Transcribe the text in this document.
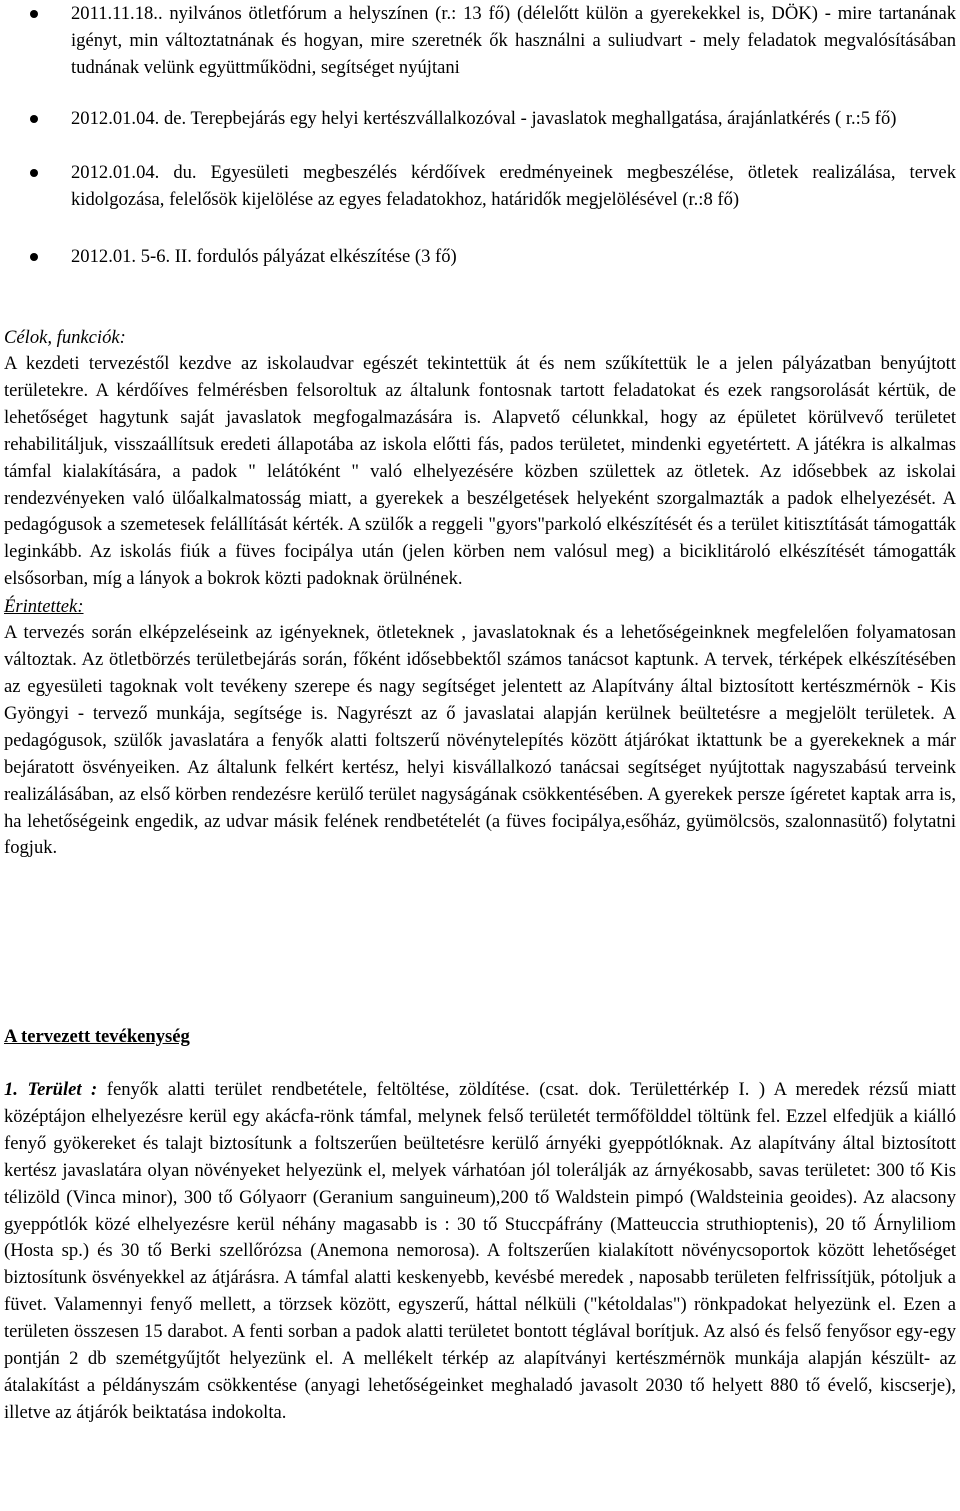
2011.11.18.. nyilvános ötletfórum a helyszínen (r.: 13 fő) (délelőtt külön a gyerekekkel is, DÖK) - mire tartanának igényt, min változtatnának és hogyan, mire szeretnék ők használni a suliudvart - mely feladatok megvalósításában tudnának velünk együttműködni, segítséget nyújtani
2012.01.04. de. Terepbejárás egy helyi kertészvállalkozóval - javaslatok meghallgatása, árajánlatkérés ( r.:5 fő)
2012.01.04. du. Egyesületi megbeszélés kérdőívek eredményeinek megbeszélése, ötletek realizálása, tervek kidolgozása, felelősök kijelölése az egyes feladatokhoz, határidők megjelölésével (r.:8 fő)
2012.01. 5-6. II. fordulós pályázat elkészítése (3 fő)
Célok, funkciók:
A kezdeti tervezéstől kezdve az iskolaudvar egészét tekintettük át és nem szűkítettük le a jelen pályázatban benyújtott területekre. A kérdőíves felmérésben felsoroltuk az általunk fontosnak tartott feladatokat és ezek rangsorolását kértük, de lehetőséget hagytunk saját javaslatok megfogalmazására is. Alapvető célunkkal, hogy az épületet körülvevő területet rehabilitáljuk, visszaállítsuk eredeti állapotába az iskola előtti fás, pados területet, mindenki egyetértett. A játékra is alkalmas támfal kialakítására, a padok " lelátóként " való elhelyezésére közben születtek az ötletek. Az idősebbek az iskolai rendezvényeken való ülőalkalmatosság miatt, a gyerekek a beszélgetések helyeként szorgalmazták a padok elhelyezését. A pedagógusok a szemetesek felállítását kérték. A szülők a reggeli "gyors"parkoló elkészítését és a terület kitisztítását támogatták leginkább. Az iskolás fiúk a füves focipálya után (jelen körben nem valósul meg) a biciklitároló elkészítését támogatták elsősorban, míg a lányok a bokrok közti padoknak örülnének.
Érintettek:
A tervezés során elképzeléseink az igényeknek, ötleteknek , javaslatoknak és a lehetőségeinknek megfelelően folyamatosan változtak. Az ötletbörzés területbejárás során, főként idősebbektől számos tanácsot kaptunk. A tervek, térképek elkészítésében az egyesületi tagoknak volt tevékeny szerepe és nagy segítséget jelentett az Alapítvány által biztosított kertészmérnök - Kis Gyöngyi - tervező munkája, segítsége is. Nagyrészt az ő javaslatai alapján kerülnek beültetésre a megjelölt területek. A pedagógusok, szülők javaslatára a fenyők alatti foltszerű növénytelepítés között átjárókat iktattunk be a gyerekeknek a már bejáratott ösvényeiken. Az általunk felkért kertész, helyi kisvállalkozó tanácsai segítséget nyújtottak nagyszabású terveink realizálásában, az első körben rendezésre kerülő terület nagyságának csökkentésében. A gyerekek persze ígéretet kaptak arra is, ha lehetőségeink engedik, az udvar másik felének rendbetételét (a füves focipálya,esőház, gyümölcsös, szalonnasütő) folytatni fogjuk.
A tervezett tevékenység
1. Terület : fenyők alatti terület rendbetétele, feltöltése, zöldítése. (csat. dok. Területtérkép I. ) A meredek rézsű miatt középtájon elhelyezésre kerül egy akácfa-rönk támfal, melynek felső területét termőfölddel töltünk fel. Ezzel elfedjük a kiálló fenyő gyökereket és talajt biztosítunk a foltszerűen beültetésre kerülő árnyéki gyeppótlóknak. Az alapítvány által biztosított kertész javaslatára olyan növényeket helyezünk el, melyek várhatóan jól tolerálják az árnyékosabb, savas területet: 300 tő Kis télizöld (Vinca minor), 300 tő Gólyaorr (Geranium sanguineum),200 tő Waldstein pimpó (Waldsteinia geoides). Az alacsony gyeppótlók közé elhelyezésre kerül néhány magasabb is : 30 tő Stuccpáfrány (Matteuccia struthioptenis), 20 tő Árnyliliom (Hosta sp.) és 30 tő Berki szellőrózsa (Anemona nemorosa). A foltszerűen kialakított növénycsoportok között lehetőséget biztosítunk ösvényekkel az átjárásra. A támfal alatti keskenyebb, kevésbé meredek , naposabb területen felfrissítjük, pótoljuk a füvet. Valamennyi fenyő mellett, a törzsek között, egyszerű, háttal nélküli ("kétoldalas") rönkpadokat helyezünk el. Ezen a területen összesen 15 darabot. A fenti sorban a padok alatti területet bontott téglával borítjuk. Az alsó és felső fenyősor egy-egy pontján 2 db szemétgyűjtőt helyezünk el. A mellékelt térkép az alapítványi kertészmérnök munkája alapján készült- az átalakítást a példányszám csökkentése (anyagi lehetőségeinket meghaladó javasolt 2030 tő helyett 880 tő évelő, kiscserje), illetve az átjárók beiktatása indokolta.
